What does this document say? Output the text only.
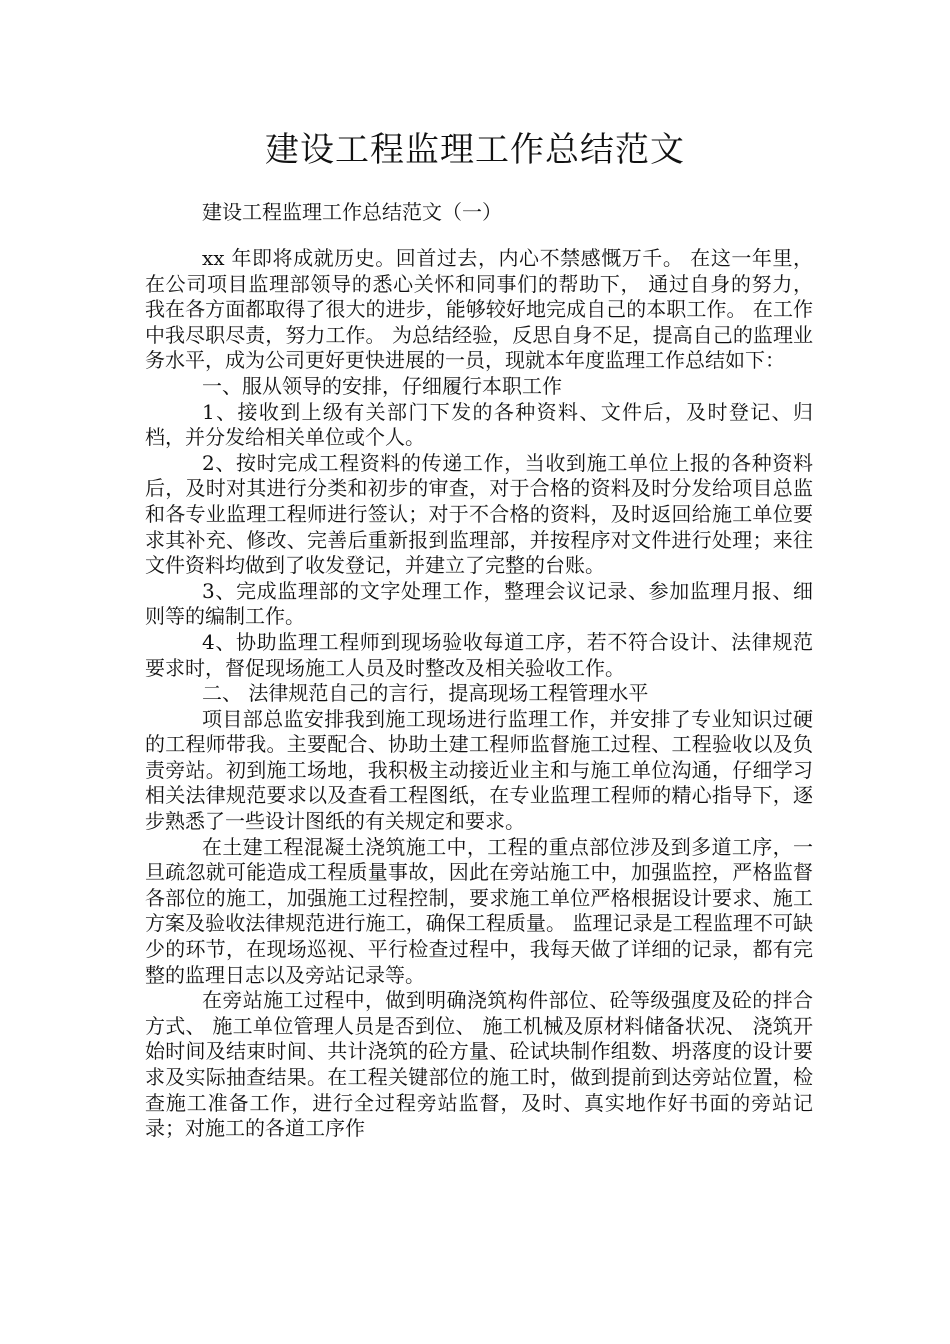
建设工程监理工作总结范文
建设工程监理工作总结范文（一）

xx 年即将成就历史。回首过去，内心不禁感慨万千。 在这一年里，在公司项目监理部领导的悉心关怀和同事们的帮助下， 通过自身的努力， 我在各方面都取得了很大的进步，能够较好地完成自己的本职工作。 在工作中我尽职尽责，努力工作。 为总结经验，反思自身不足，提高自己的监理业务水平，成为公司更好更快进展的一员，现就本年度监理工作总结如下：

一、服从领导的安排，仔细履行本职工作

1、接收到上级有关部门下发的各种资料、文件后，及时登记、归档，并分发给相关单位或个人。

2、按时完成工程资料的传递工作，当收到施工单位上报的各种资料后，及时对其进行分类和初步的审查，对于合格的资料及时分发给项目总监和各专业监理工程师进行签认；对于不合格的资料，及时返回给施工单位要求其补充、修改、完善后重新报到监理部，并按程序对文件进行处理；来往文件资料均做到了收发登记，并建立了完整的台账。

3、完成监理部的文字处理工作，整理会议记录、参加监理月报、细则等的编制工作。

4、协助监理工程师到现场验收每道工序，若不符合设计、法律规范要求时，督促现场施工人员及时整改及相关验收工作。

二、 法律规范自己的言行，提高现场工程管理水平

项目部总监安排我到施工现场进行监理工作，并安排了专业知识过硬的工程师带我。主要配合、协助土建工程师监督施工过程、工程验收以及负责旁站。初到施工场地，我积极主动接近业主和与施工单位沟通，仔细学习相关法律规范要求以及查看工程图纸，在专业监理工程师的精心指导下，逐步熟悉了一些设计图纸的有关规定和要求。

在土建工程混凝土浇筑施工中，工程的重点部位涉及到多道工序，一旦疏忽就可能造成工程质量事故，因此在旁站施工中，加强监控，严格监督各部位的施工，加强施工过程控制，要求施工单位严格根据设计要求、施工方案及验收法律规范进行施工，确保工程质量。 监理记录是工程监理不可缺少的环节，在现场巡视、平行检查过程中，我每天做了详细的记录，都有完整的监理日志以及旁站记录等。

在旁站施工过程中，做到明确浇筑构件部位、砼等级强度及砼的拌合方式、 施工单位管理人员是否到位、 施工机械及原材料储备状况、 浇筑开始时间及结束时间、共计浇筑的砼方量、砼试块制作组数、坍落度的设计要求及实际抽查结果。在工程关键部位的施工时，做到提前到达旁站位置，检查施工准备工作，进行全过程旁站监督，及时、真实地作好书面的旁站记录；对施工的各道工序作
